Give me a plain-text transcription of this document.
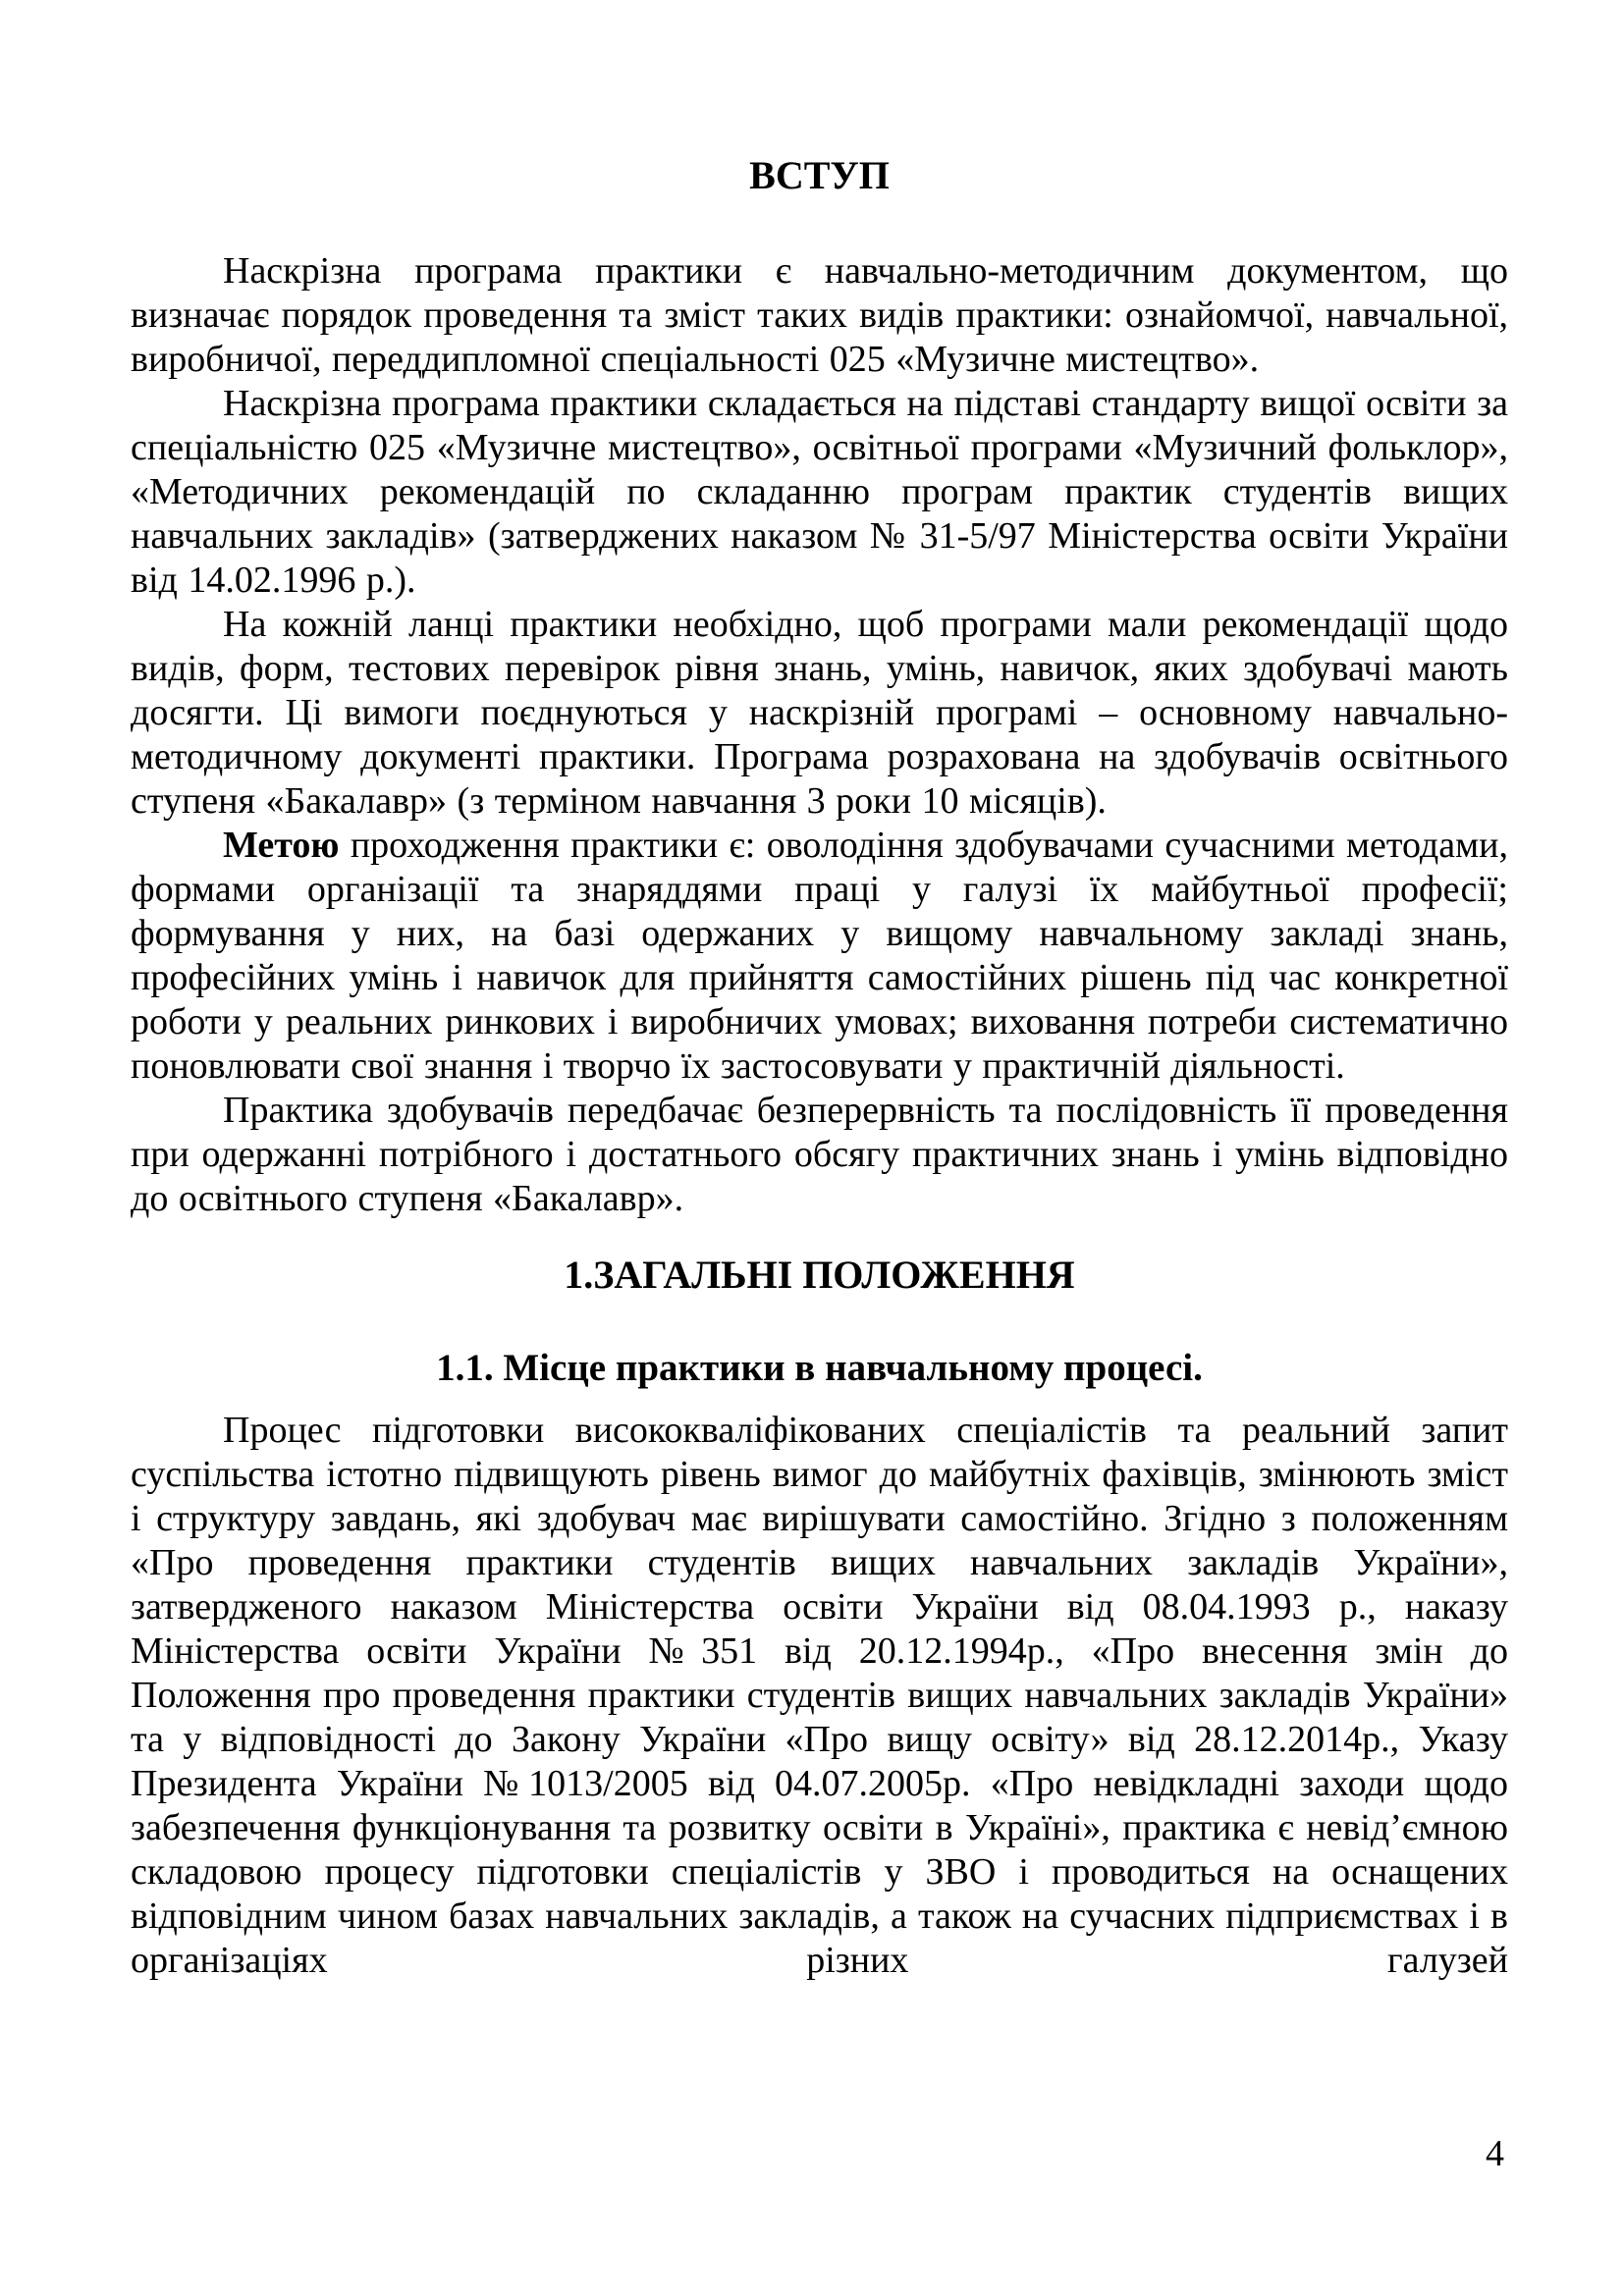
ВСТУП

Наскрізна програма практики є навчально-методичним документом, що визначає порядок проведення та зміст таких видів практики: ознайомчої, навчальної, виробничої, переддипломної спеціальності 025 «Музичне мистецтво».

Наскрізна програма практики складається на підставі стандарту вищої освіти за спеціальністю 025 «Музичне мистецтво», освітньої програми «Музичний фольклор», «Методичних рекомендацій по складанню програм практик студентів вищих навчальних закладів» (затверджених наказом № 31-5/97 Міністерства освіти України від 14.02.1996 р.).

На кожній ланці практики необхідно, щоб програми мали рекомендації щодо видів, форм, тестових перевірок рівня знань, умінь, навичок, яких здобувачі мають досягти. Ці вимоги поєднуються у наскрізній програмі – основному навчально-методичному документі практики. Програма розрахована на здобувачів освітнього ступеня «Бакалавр» (з терміном навчання 3 роки 10 місяців).

Метою проходження практики є: оволодіння здобувачами сучасними методами, формами організації та знаряддями праці у галузі їх майбутньої професії; формування у них, на базі одержаних у вищому навчальному закладі знань, професійних умінь і навичок для прийняття самостійних рішень під час конкретної роботи у реальних ринкових і виробничих умовах; виховання потреби систематично поновлювати свої знання і творчо їх застосовувати у практичній діяльності.

Практика здобувачів передбачає безперервність та послідовність її проведення при одержанні потрібного і достатнього обсягу практичних знань і умінь відповідно до освітнього ступеня «Бакалавр».

1.ЗАГАЛЬНІ ПОЛОЖЕННЯ
1.1. Місце практики в навчальному процесі.

Процес підготовки висококваліфікованих спеціалістів та реальний запит суспільства істотно підвищують рівень вимог до майбутніх фахівців, змінюють зміст і структуру завдань, які здобувач має вирішувати самостійно. Згідно з положенням «Про проведення практики студентів вищих навчальних закладів України», затвердженого наказом Міністерства освіти України від 08.04.1993 р., наказу Міністерства освіти України №351 від 20.12.1994р., «Про внесення змін до Положення про проведення практики студентів вищих навчальних закладів України» та у відповідності до Закону України «Про вищу освіту» від 28.12.2014р., Указу Президента України №1013/2005 від 04.07.2005р. «Про невідкладні заходи щодо забезпечення функціонування та розвитку освіти в Україні», практика є невід’ємною складовою процесу підготовки спеціалістів у ЗВО і проводиться на оснащених відповідним чином базах навчальних закладів, а також на сучасних підприємствах і в організаціях різних галузей

4
